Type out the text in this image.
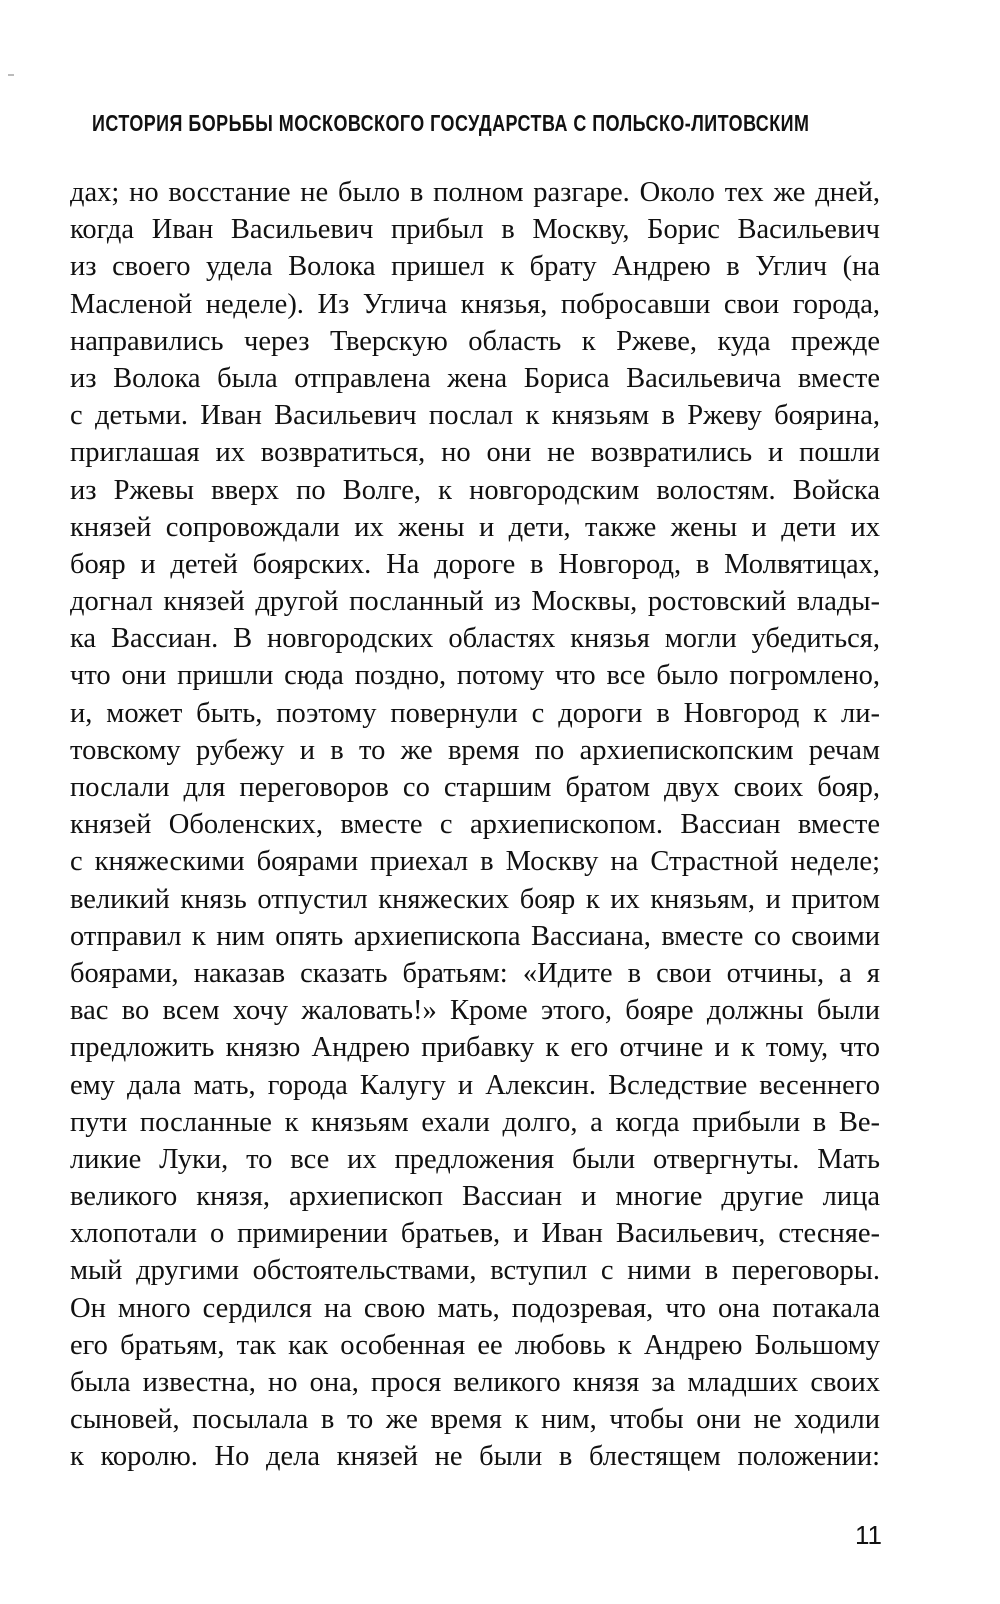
ИСТОРИЯ БОРЬБЫ МОСКОВСКОГО ГОСУДАРСТВА С ПОЛЬСКО-ЛИТОВСКИМ
дах; но восстание не было в полном разгаре. Около тех же дней,
когда Иван Васильевич прибыл в Москву, Борис Васильевич
из своего удела Волока пришел к брату Андрею в Углич (на
Масленой неделе). Из Углича князья, побросавши свои города,
направились через Тверскую область к Ржеве, куда прежде
из Волока была отправлена жена Бориса Васильевича вместе
с детьми. Иван Васильевич послал к князьям в Ржеву боярина,
приглашая их возвратиться, но они не возвратились и пошли
из Ржевы вверх по Волге, к новгородским волостям. Войска
князей сопровождали их жены и дети, также жены и дети их
бояр и детей боярских. На дороге в Новгород, в Молвятицах,
догнал князей другой посланный из Москвы, ростовский влады-
ка Вассиан. В новгородских областях князья могли убедиться,
что они пришли сюда поздно, потому что все было погромлено,
и, может быть, поэтому повернули с дороги в Новгород к ли-
товскому рубежу и в то же время по архиепископским речам
послали для переговоров со старшим братом двух своих бояр,
князей Оболенских, вместе с архиепископом. Вассиан вместе
с княжескими боярами приехал в Москву на Страстной неделе;
великий князь отпустил княжеских бояр к их князьям, и притом
отправил к ним опять архиепископа Вассиана, вместе со своими
боярами, наказав сказать братьям: «Идите в свои отчины, а я
вас во всем хочу жаловать!» Кроме этого, бояре должны были
предложить князю Андрею прибавку к его отчине и к тому, что
ему дала мать, города Калугу и Алексин. Вследствие весеннего
пути посланные к князьям ехали долго, а когда прибыли в Ве-
ликие Луки, то все их предложения были отвергнуты. Мать
великого князя, архиепископ Вассиан и многие другие лица
хлопотали о примирении братьев, и Иван Васильевич, стесняе-
мый другими обстоятельствами, вступил с ними в переговоры.
Он много сердился на свою мать, подозревая, что она потакала
его братьям, так как особенная ее любовь к Андрею Большому
была известна, но она, прося великого князя за младших своих
сыновей, посылала в то же время к ним, чтобы они не ходили
к королю. Но дела князей не были в блестящем положении:
11
